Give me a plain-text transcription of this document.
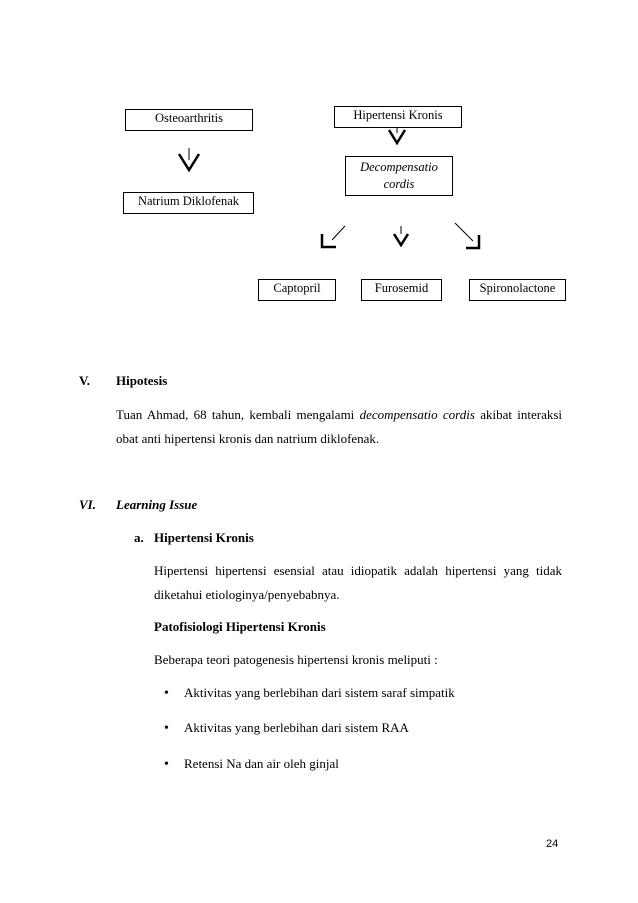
Osteoarthritis	Hipertensi Kronis
Decompensatio
cordis
Natrium Diklofenak
Captopril	Furosemid	Spironolactone
V. Hipotesis
Tuan Ahmad, 68 tahun, kembali mengalami decompensatio cordis akibat interaksi
obat anti hipertensi kronis dan natrium diklofenak.
VI. Learning Issue
a. Hipertensi Kronis
Hipertensi hipertensi esensial atau idiopatik adalah hipertensi yang tidak
diketahui etiologinya/penyebabnya.
Patofisiologi Hipertensi Kronis
Beberapa teori patogenesis hipertensi kronis meliputi :
• Aktivitas yang berlebihan dari sistem saraf simpatik
• Aktivitas yang berlebihan dari sistem RAA
• Retensi Na dan air oleh ginjal
24
